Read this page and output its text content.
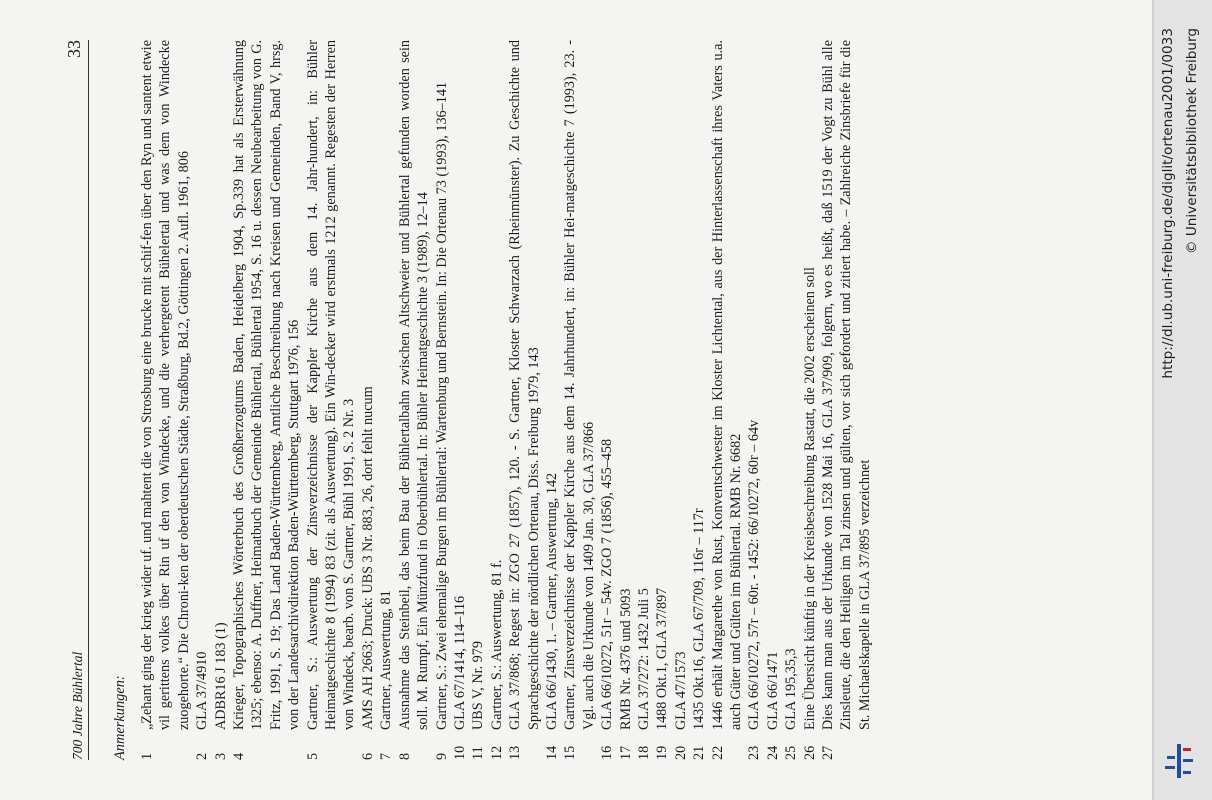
700 Jahre Bühlertal
33
Anmerkungen: 1
„Zehant ging der krieg wider uf. und mahtent die von Strosburg eine brucke mit schif-fen über den Ryn und santent etwie vil gerittens volkes über Rin uf den von Windecke, und die verhergetent Bühelertal und was dem von Windecke zuogehorte.“ Die Chroni-ken der oberdeutschen Städte, Straßburg, Bd.2, Göttingen 2. Aufl. 1961, 806
2
GLA 37/4910
3
ADBR16 J 183 (1)
4
Krieger, Topographisches Wörterbuch des Großherzogtums Baden, Heidelberg 1904, Sp.339 hat als Ersterwähnung 1325; ebenso: A. Duffner, Heimatbuch der Gemeinde Bühlertal, Bühlertal 1954, S. 16 u. dessen Neubearbeitung von G. Fritz, 1991, S. 19; Das Land Baden-Württemberg, Amtliche Beschreibung nach Kreisen und Gemeinden, Band V, hrsg. von der Landesarchivdirektion Baden-Württemberg, Stuttgart 1976, 156
5
Gartner, S.: Auswertung der Zinsverzeichnisse der Kappler Kirche aus dem 14. Jahr-hundert, in: Bühler Heimatgeschichte 8 (1994) 83 (zit. als Auswertung). Ein Win-decker wird erstmals 1212 genannt. Regesten der Herren von Windeck, bearb. von S. Gartner, Bühl 1991, S. 2 Nr. 3
6
AMS AH 2663; Druck: UBS 3 Nr. 883, 26, dort fehlt nucum
7
Gartner, Auswertung, 81
8
Ausnahme das Steinbeil, das beim Bau der Bühlertalbahn zwischen Altschweier und Bühlertal gefunden worden sein soll. M. Rumpf, Ein Münzfund in Oberbühlertal. In: Bühler Heimatgeschichte 3 (1989), 12–14
9
Gartner, S.: Zwei ehemalige Burgen im Bühlertal: Wartenburg und Bernstein. In: Die Ortenau 73 (1993), 136–141
10
GLA 67/1414, 114–116
11
UBS V, Nr. 979
12
Gartner, S.: Auswertung, 81 f.
13
GLA 37/868; Regest in: ZGO 27 (1857), 120. - S. Gartner, Kloster Schwarzach (Rheinmünster). Zu Geschichte und Sprachgeschichte der nördlichen Ortenau, Diss. Freiburg 1979, 143
14
GLA 66/1430, 1. – Gartner, Auswertung, 142
15
Gartner, Zinsverzeichnisse der Kappler Kirche aus dem 14. Jahrhundert, in: Bühler Hei-matgeschichte 7 (1993), 23. - Vgl. auch die Urkunde von 1409 Jan. 30, GLA 37/866
16
GLA 66/10272, 51r – 54v. ZGO 7 (1856), 455–458
17
RMB Nr. 4376 und 5093
18
GLA 37/272: 1432 Juli 5
19
1488 Okt.1, GLA 37/897
20
GLA 47/1573
21
1435 Okt.16, GLA 67/709, 116r – 117r
22
1446 erhält Margarethe von Rust, Konventschwester im Kloster Lichtental, aus der Hinterlassenschaft ihres Vaters u.a. auch Güter und Gülten im Bühlertal. RMB Nr. 6682
23
GLA 66/10272, 57r – 60r. - 1452: 66/10272, 60r – 64v
24
GLA 66/1471
25
GLA 195,35,3
26
Eine Übersicht künftig in der Kreisbeschreibung Rastatt, die 2002 erscheinen soll
27
Dies kann man aus der Urkunde von 1528 Mai 16, GLA 37/909, folgern, wo es heißt, daß 1519 der Vogt zu Bühl alle Zinsleute, die den Heiligen im Tal zinsen und gülten, vor sich gefordert und zitiert habe. – Zahlreiche Zinsbriefe für die St. Michaelskapelle in GLA 37/895 verzeichnet
http://dl.ub.uni-freiburg.de/diglit/ortenau2001/0033 © Universitätsbibliothek Freiburg
